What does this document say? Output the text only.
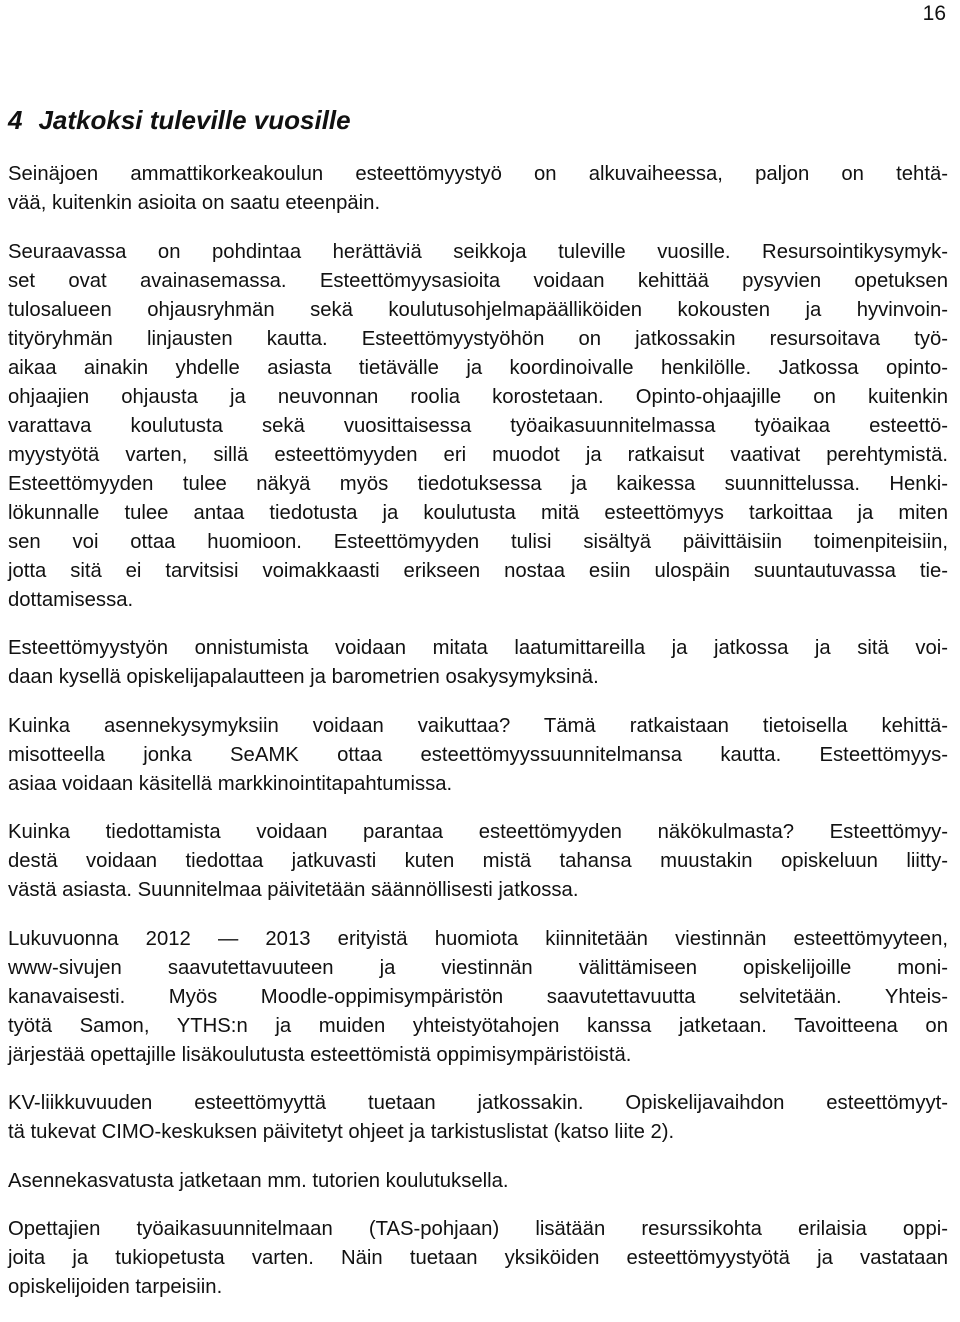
16
4 Jatkoksi tuleville vuosille

Seinäjoen ammattikorkeakoulun esteettömyystyö on alkuvaiheessa, paljon on tehtä-
vää, kuitenkin asioita on saatu eteenpäin.

Seuraavassa on pohdintaa herättäviä seikkoja tuleville vuosille. Resursointikysymyk-
set ovat avainasemassa. Esteettömyysasioita voidaan kehittää pysyvien opetuksen
tulosalueen ohjausryhmän sekä koulutusohjelmapäälliköiden kokousten ja hyvinvoin-
tityöryhmän linjausten kautta. Esteettömyystyöhön on jatkossakin resursoitava työ-
aikaa ainakin yhdelle asiasta tietävälle ja koordinoivalle henkilölle. Jatkossa opinto-
ohjaajien ohjausta ja neuvonnan roolia korostetaan. Opinto-ohjaajille on kuitenkin
varattava koulutusta sekä vuosittaisessa työaikasuunnitelmassa työaikaa esteettö-
myystyötä varten, sillä esteettömyyden eri muodot ja ratkaisut vaativat perehtymistä.
Esteettömyyden tulee näkyä myös tiedotuksessa ja kaikessa suunnittelussa. Henki-
lökunnalle tulee antaa tiedotusta ja koulutusta mitä esteettömyys tarkoittaa ja miten
sen voi ottaa huomioon. Esteettömyyden tulisi sisältyä päivittäisiin toimenpiteisiin,
jotta sitä ei tarvitsisi voimakkaasti erikseen nostaa esiin ulospäin suuntautuvassa tie-
dottamisessa.

Esteettömyystyön onnistumista voidaan mitata laatumittareilla ja jatkossa ja sitä voi-
daan kysellä opiskelijapalautteen ja barometrien osakysymyksinä.

Kuinka asennekysymyksiin voidaan vaikuttaa? Tämä ratkaistaan tietoisella kehittä-
misotteella jonka SeAMK ottaa esteettömyyssuunnitelmansa kautta. Esteettömyys-
asiaa voidaan käsitellä markkinointitapahtumissa.

Kuinka tiedottamista voidaan parantaa esteettömyyden näkökulmasta? Esteettömyy-
destä voidaan tiedottaa jatkuvasti kuten mistä tahansa muustakin opiskeluun liitty-
västä asiasta. Suunnitelmaa päivitetään säännöllisesti jatkossa.

Lukuvuonna 2012 — 2013 erityistä huomiota kiinnitetään viestinnän esteettömyyteen,
www-sivujen saavutettavuuteen ja viestinnän välittämiseen opiskelijoille moni-
kanavaisesti. Myös Moodle-oppimisympäristön saavutettavuutta selvitetään. Yhteis-
työtä Samon, YTHS:n ja muiden yhteistyötahojen kanssa jatketaan. Tavoitteena on
järjestää opettajille lisäkoulutusta esteettömistä oppimisympäristöistä.

KV-liikkuvuuden esteettömyyttä tuetaan jatkossakin. Opiskelijavaihdon esteettömyyt-
tä tukevat CIMO-keskuksen päivitetyt ohjeet ja tarkistuslistat (katso liite 2).

Asennekasvatusta jatketaan mm. tutorien koulutuksella.

Opettajien työaikasuunnitelmaan (TAS-pohjaan) lisätään resurssikohta erilaisia oppi-
joita ja tukiopetusta varten. Näin tuetaan yksiköiden esteettömyystyötä ja vastataan
opiskelijoiden tarpeisiin.
